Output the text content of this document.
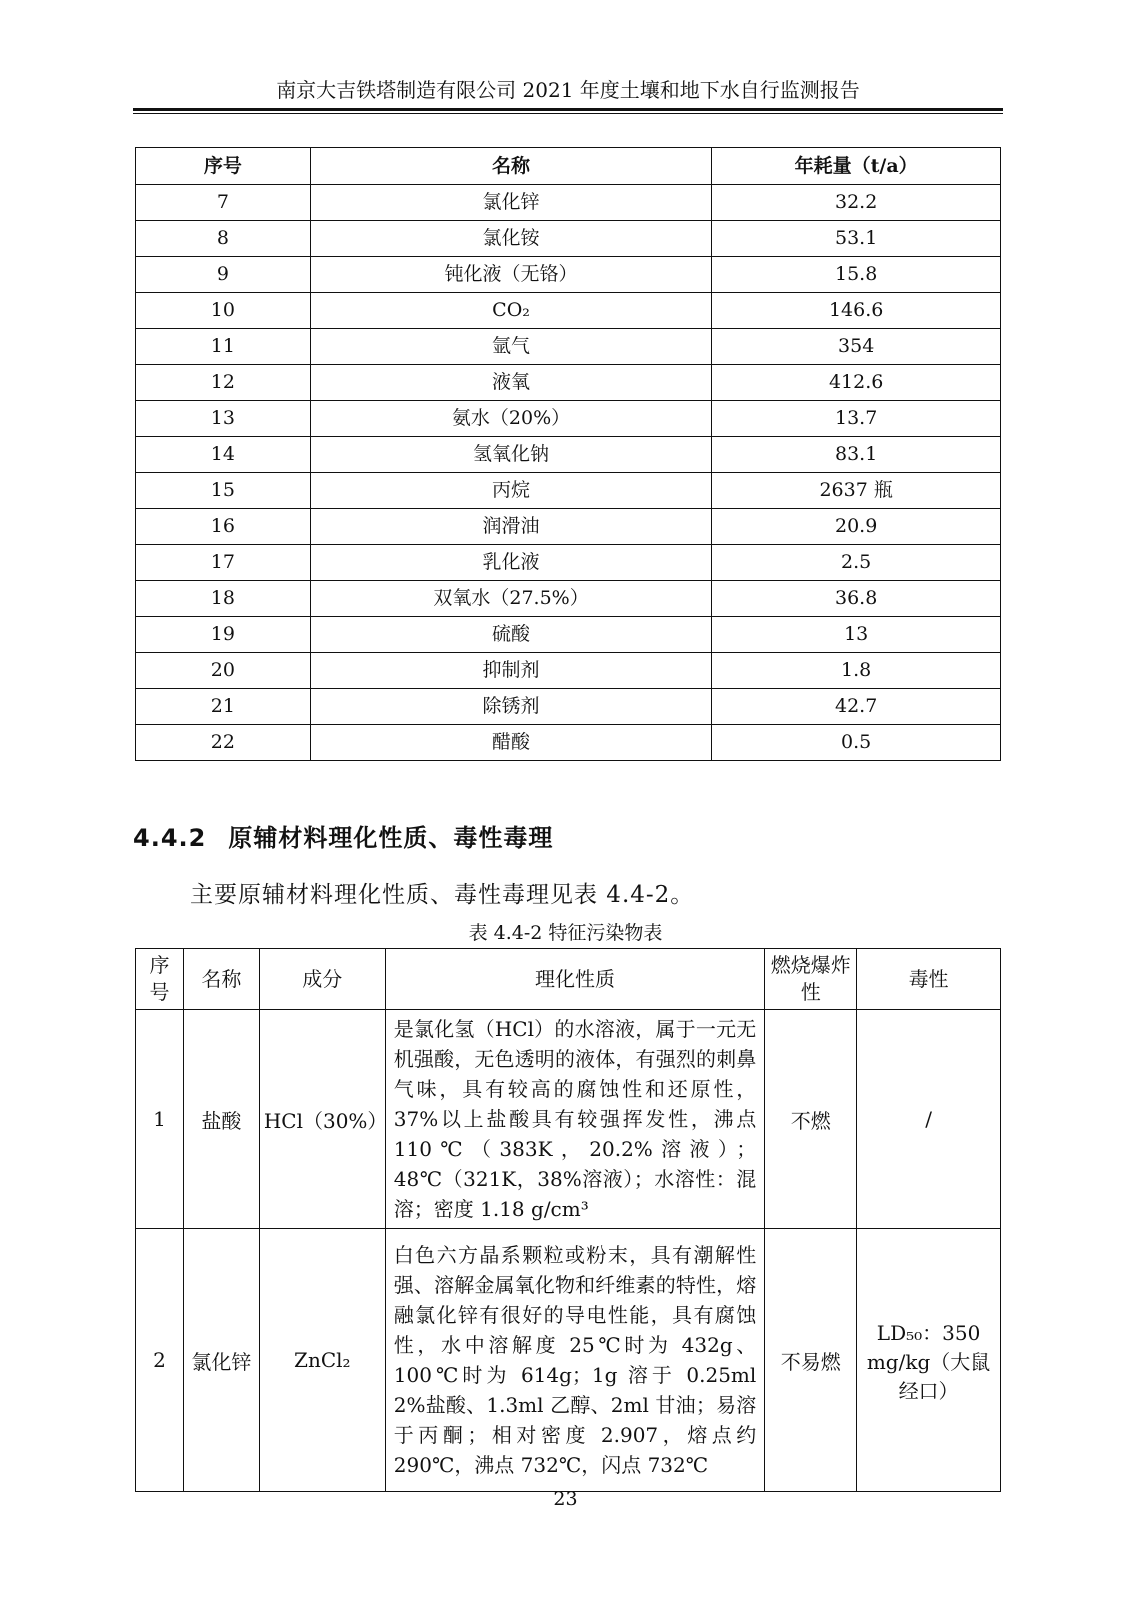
南京大吉铁塔制造有限公司 2021 年度土壤和地下水自行监测报告
序号	名称	年耗量（t/a）
7	氯化锌	32.2
8	氯化铵	53.1
9	钝化液（无铬）	15.8
10	CO₂	146.6
11	氩气	354
12	液氧	412.6
13	氨水（20%）	13.7
14	氢氧化钠	83.1
15	丙烷	2637 瓶
16	润滑油	20.9
17	乳化液	2.5
18	双氧水（27.5%）	36.8
19	硫酸	13
20	抑制剂	1.8
21	除锈剂	42.7
22	醋酸	0.5
4.4.2 原辅材料理化性质、毒性毒理
主要原辅材料理化性质、毒性毒理见表 4.4-2。
表 4.4-2 特征污染物表
序号	名称	成分	理化性质	燃烧爆炸性	毒性
1	盐酸	HCl（30%）	是氯化氢（HCl）的水溶液，属于一元无机强酸，无色透明的液体，有强烈的刺鼻气味，具有较高的腐蚀性和还原性，37%以上盐酸具有较强挥发性，沸点 110℃（383K，20.2%溶液）；48℃（321K，38%溶液）；水溶性：混溶；密度 1.18 g/cm³	不燃	/
2	氯化锌	ZnCl₂	白色六方晶系颗粒或粉末，具有潮解性强、溶解金属氧化物和纤维素的特性，熔融氯化锌有很好的导电性能，具有腐蚀性，水中溶解度 25℃时为 432g、100℃时为 614g；1g 溶于 0.25ml 2%盐酸、1.3ml 乙醇、2ml 甘油；易溶于丙酮；相对密度 2.907，熔点约 290℃，沸点 732℃，闪点 732℃	不易燃	LD₅₀：350 mg/kg（大鼠经口）
23
